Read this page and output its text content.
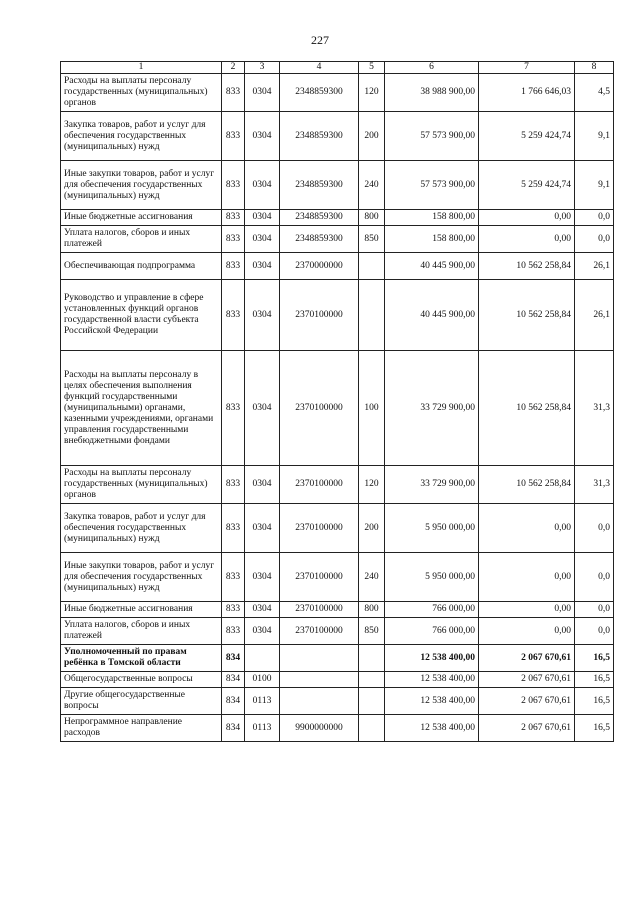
227
1	2	3	4	5	6	7	8
Расходы на выплаты персоналу государственных (муниципальных) органов	833	0304	2348859300	120	38 988 900,00	1 766 646,03	4,5
Закупка товаров, работ и услуг для обеспечения государственных (муниципальных) нужд	833	0304	2348859300	200	57 573 900,00	5 259 424,74	9,1
Иные закупки товаров, работ и услуг для обеспечения государственных (муниципальных) нужд	833	0304	2348859300	240	57 573 900,00	5 259 424,74	9,1
Иные бюджетные ассигнования	833	0304	2348859300	800	158 800,00	0,00	0,0
Уплата налогов, сборов и иных платежей	833	0304	2348859300	850	158 800,00	0,00	0,0
Обеспечивающая подпрограмма	833	0304	2370000000		40 445 900,00	10 562 258,84	26,1
Руководство и управление в сфере установленных функций органов государственной власти субъекта Российской Федерации	833	0304	2370100000		40 445 900,00	10 562 258,84	26,1
Расходы на выплаты персоналу в целях обеспечения выполнения функций государственными (муниципальными) органами, казенными учреждениями, органами управления государственными внебюджетными фондами	833	0304	2370100000	100	33 729 900,00	10 562 258,84	31,3
Расходы на выплаты персоналу государственных (муниципальных) органов	833	0304	2370100000	120	33 729 900,00	10 562 258,84	31,3
Закупка товаров, работ и услуг для обеспечения государственных (муниципальных) нужд	833	0304	2370100000	200	5 950 000,00	0,00	0,0
Иные закупки товаров, работ и услуг для обеспечения государственных (муниципальных) нужд	833	0304	2370100000	240	5 950 000,00	0,00	0,0
Иные бюджетные ассигнования	833	0304	2370100000	800	766 000,00	0,00	0,0
Уплата налогов, сборов и иных платежей	833	0304	2370100000	850	766 000,00	0,00	0,0
Уполномоченный по правам ребёнка в Томской области	834				12 538 400,00	2 067 670,61	16,5
Общегосударственные вопросы	834	0100			12 538 400,00	2 067 670,61	16,5
Другие общегосударственные вопросы	834	0113			12 538 400,00	2 067 670,61	16,5
Непрограммное направление расходов	834	0113	9900000000		12 538 400,00	2 067 670,61	16,5
